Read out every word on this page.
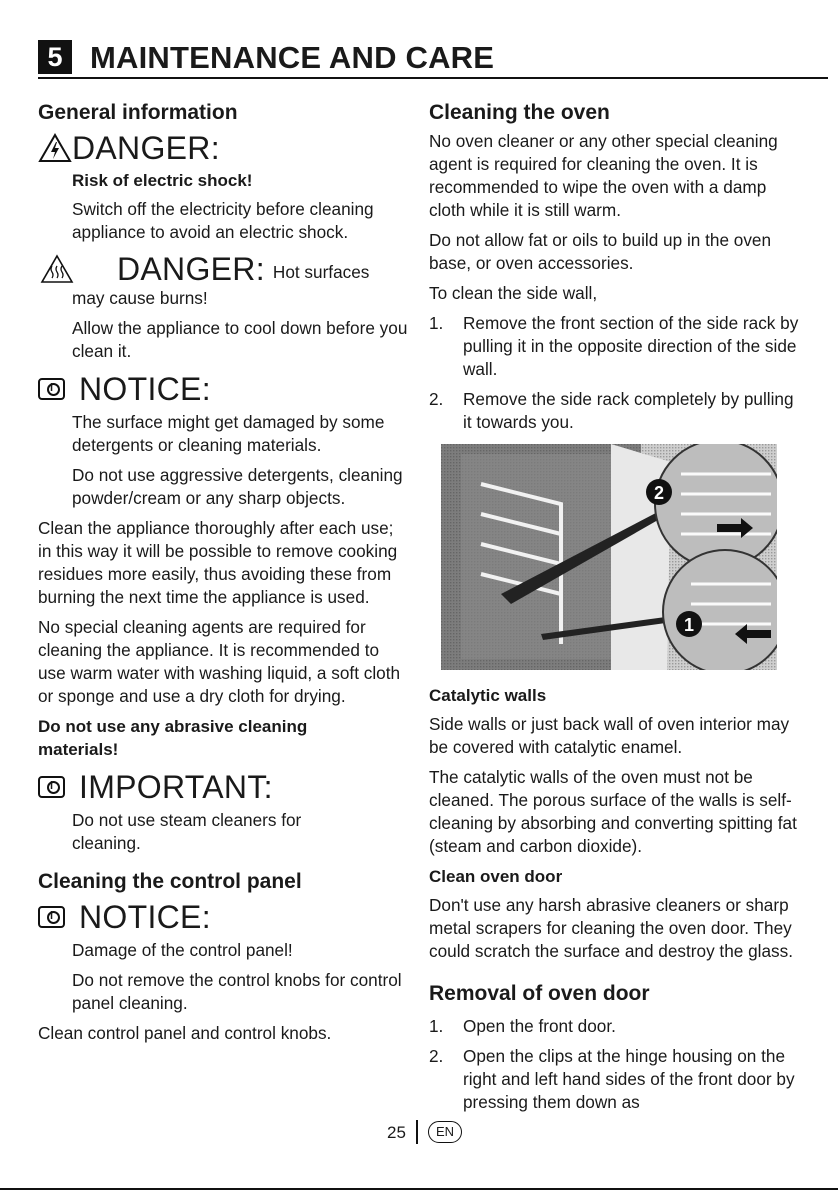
5 MAINTENANCE AND CARE
General information
DANGER:
Risk of electric shock!
Switch off the electricity before cleaning appliance to avoid an electric shock.
DANGER: Hot surfaces
may cause burns!
Allow the appliance to cool down before you clean it.
i NOTICE:
The surface might get damaged by some detergents or cleaning materials.
Do not use aggressive detergents, cleaning powder/cream or any sharp objects.
Clean the appliance thoroughly after each use; in this way it will be possible to remove cooking residues more easily, thus avoiding these from burning the next time the appliance is used.
No special cleaning agents are required for cleaning the appliance. It is recommended to use warm water with washing liquid, a soft cloth or sponge and use a dry cloth for drying.
Do not use any abrasive cleaning materials!
i IMPORTANT:
Do not use steam cleaners for cleaning.
Cleaning the control panel
i NOTICE:
Damage of the control panel!
Do not remove the control knobs for control panel cleaning.
Clean control panel and control knobs.
Cleaning the oven
No oven cleaner or any other special cleaning agent is required for cleaning the oven. It is recommended to wipe the oven with a damp cloth while it is still warm.
Do not allow fat or oils to build up in the oven base, or oven accessories.
To clean the side wall,
1. Remove the front section of the side rack by pulling it in the opposite direction of the side wall.
2. Remove the side rack completely by pulling it towards you.
2
1
Catalytic walls
Side walls or just back wall of oven interior may be covered with catalytic enamel.
The catalytic walls of the oven must not be cleaned. The porous surface of the walls is self-cleaning by absorbing and converting spitting fat (steam and carbon dioxide).
Clean oven door
Don't use any harsh abrasive cleaners or sharp metal scrapers for cleaning the oven door. They could scratch the surface and destroy the glass.
Removal of oven door
1. Open the front door.
2. Open the clips at the hinge housing on the right and left hand sides of the front door by pressing them down as
25	EN
